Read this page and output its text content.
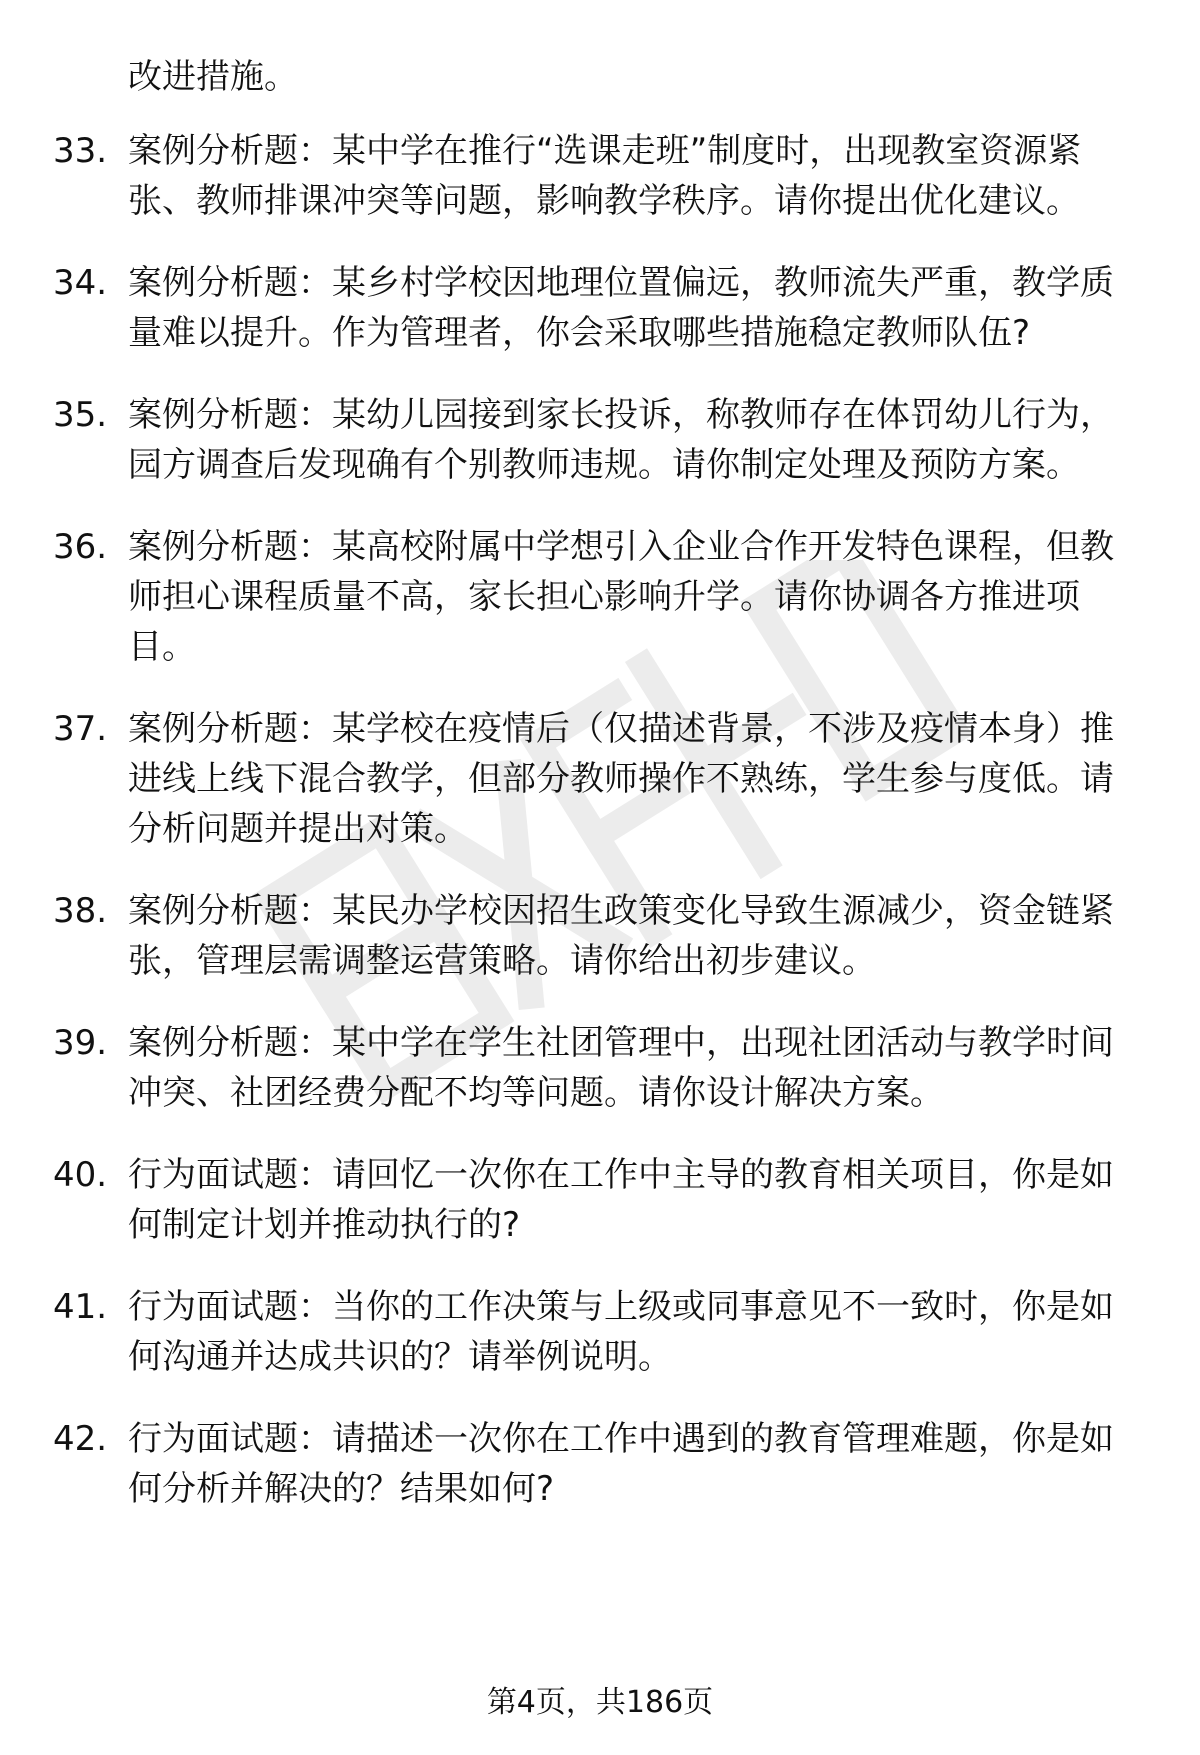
改进措施。
33. 案例分析题：某中学在推行“选课走班”制度时，出现教室资源紧张、教师排课冲突等问题，影响教学秩序。请你提出优化建议。
34. 案例分析题：某乡村学校因地理位置偏远，教师流失严重，教学质量难以提升。作为管理者，你会采取哪些措施稳定教师队伍?
35. 案例分析题：某幼儿园接到家长投诉，称教师存在体罚幼儿行为，园方调查后发现确有个别教师违规。请你制定处理及预防方案。
36. 案例分析题：某高校附属中学想引入企业合作开发特色课程，但教师担心课程质量不高，家长担心影响升学。请你协调各方推进项目。
37. 案例分析题：某学校在疫情后（仅描述背景，不涉及疫情本身）推进线上线下混合教学，但部分教师操作不熟练，学生参与度低。请分析问题并提出对策。
38. 案例分析题：某民办学校因招生政策变化导致生源减少，资金链紧张，管理层需调整运营策略。请你给出初步建议。
39. 案例分析题：某中学在学生社团管理中，出现社团活动与教学时间冲突、社团经费分配不均等问题。请你设计解决方案。
40. 行为面试题：请回忆一次你在工作中主导的教育相关项目，你是如何制定计划并推动执行的?
41. 行为面试题：当你的工作决策与上级或同事意见不一致时，你是如何沟通并达成共识的？请举例说明。
42. 行为面试题：请描述一次你在工作中遇到的教育管理难题，你是如何分析并解决的？结果如何?
第4页，共186页
